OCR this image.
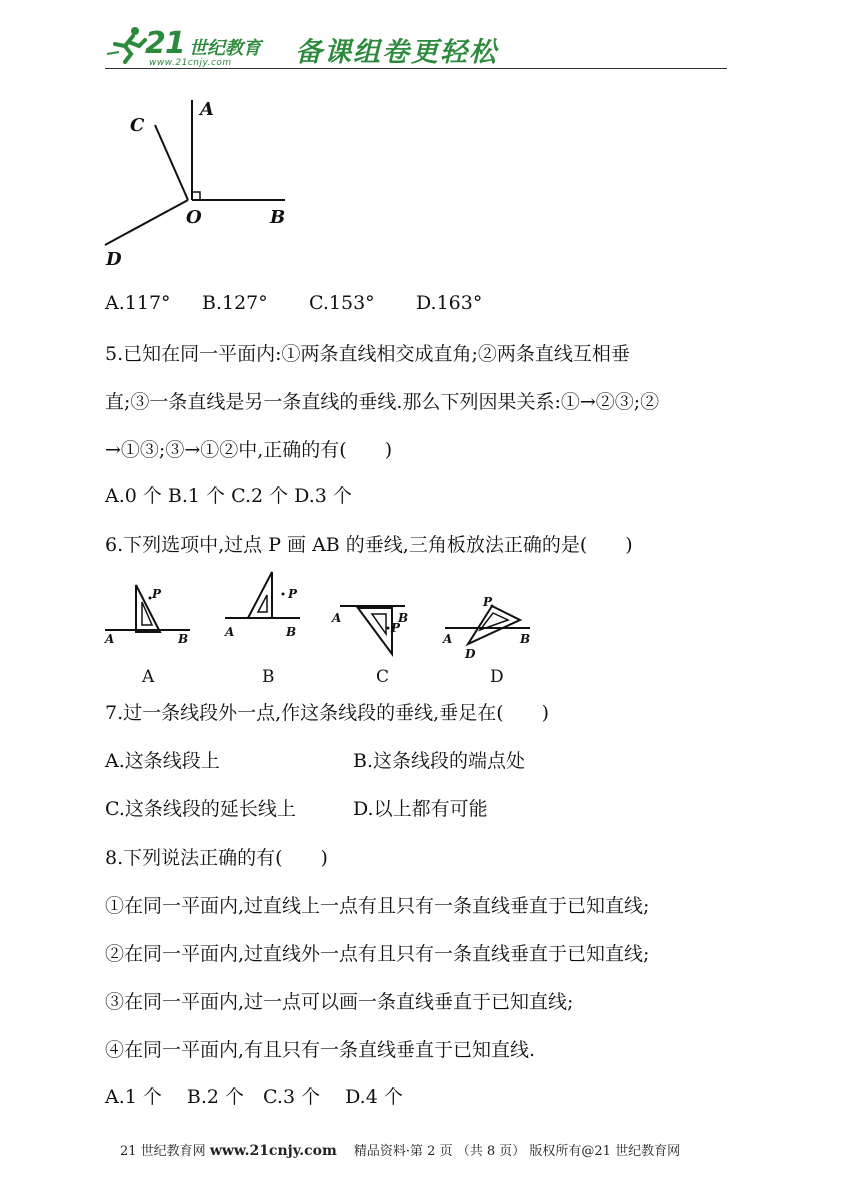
21 世纪教育
www.21cnjy.com 备课组卷更轻松
A
B
C
D
O
A.117° B.127° C.153° D.163°
5.已知在同一平面内:①两条直线相交成直角;②两条直线互相垂
直;③一条直线是另一条直线的垂线.那么下列因果关系:①→②③;②
→①③;③→①②中,正确的有(　　)
A.0 个 B.1 个 C.2 个 D.3 个
6.下列选项中,过点 P 画 AB 的垂线,三角板放法正确的是(　　)
P
A	B
A
P
A	B
B
P
A	B
C
P
A	B
D
D
7.过一条线段外一点,作这条线段的垂线,垂足在(　　)
A.这条线段上	B.这条线段的端点处
C.这条线段的延长线上	D.以上都有可能
8.下列说法正确的有(　　)
①在同一平面内,过直线上一点有且只有一条直线垂直于已知直线;
②在同一平面内,过直线外一点有且只有一条直线垂直于已知直线;
③在同一平面内,过一点可以画一条直线垂直于已知直线;
④在同一平面内,有且只有一条直线垂直于已知直线.
A.1 个　 B.2 个　C.3 个　 D.4 个
21 世纪教育网 www.21cnjy.com 　精品资料·第 2 页 （共 8 页） 版权所有@21 世纪教育网
